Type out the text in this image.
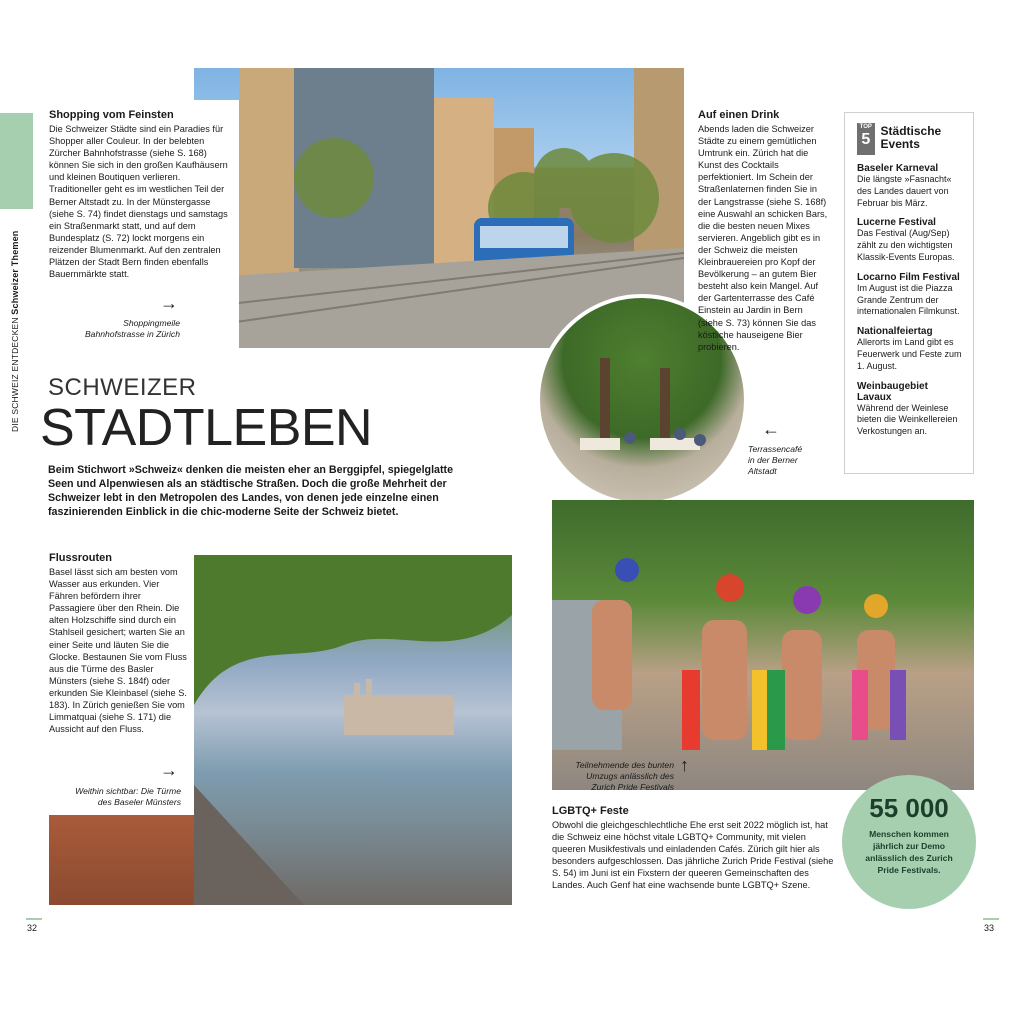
DIE SCHWEIZ ENTDECKEN Schweizer Themen
Shopping vom Feinsten
Die Schweizer Städte sind ein Paradies für Shopper aller Couleur. In der belebten Zürcher Bahnhofstrasse (siehe S. 168) können Sie sich in den großen Kaufhäusern und kleinen Boutiquen verlieren. Traditioneller geht es im westlichen Teil der Berner Altstadt zu. In der Münstergasse (siehe S. 74) findet dienstags und samstags ein Straßenmarkt statt, und auf dem Bundesplatz (S. 72) lockt morgens ein reizender Blumenmarkt. Auf den zentralen Plätzen der Stadt Bern finden ebenfalls Bauernmärkte statt.
→
Shoppingmeile
Bahnhofstrasse in Zürich
SCHWEIZER
STADTLEBEN
Beim Stichwort »Schweiz« denken die meisten eher an Berggipfel, spiegelglatte Seen und Alpenwiesen als an städtische Straßen. Doch die große Mehrheit der Schweizer lebt in den Metropolen des Landes, von denen jede einzelne einen faszinierenden Einblick in die chic-moderne Seite der Schweiz bietet.
Auf einen Drink
Abends laden die Schweizer Städte zu einem gemütlichen Umtrunk ein. Zürich hat die Kunst des Cocktails perfektioniert. Im Schein der Straßenlaternen finden Sie in der Langstrasse (siehe S. 168f) eine Auswahl an schicken Bars, die die besten neuen Mixes servieren. Angeblich gibt es in der Schweiz die meisten Kleinbrauereien pro Kopf der Bevölkerung – an gutem Bier besteht also kein Mangel. Auf der Gartenterrasse des Café Einstein au Jardin in Bern (siehe S. 73) können Sie das köstliche hauseigene Bier probieren.
←
Terrassencafé
in der Berner
Altstadt
TOP
5 Städtische Events
Baseler Karneval
Die längste »Fasnacht« des Landes dauert von Februar bis März.
Lucerne Festival
Das Festival (Aug/Sep) zählt zu den wichtigsten Klassik-Events Europas.
Locarno Film Festival
Im August ist die Piazza Grande Zentrum der internationalen Filmkunst.
Nationalfeiertag
Allerorts im Land gibt es Feuerwerk und Feste zum 1. August.
Weinbaugebiet Lavaux
Während der Weinlese bieten die Weinkellereien Verkostungen an.
Flussrouten
Basel lässt sich am besten vom Wasser aus erkunden. Vier Fähren befördern ihrer Passagiere über den Rhein. Die alten Holzschiffe sind durch ein Stahlseil gesichert; warten Sie an einer Seite und läuten Sie die Glocke. Bestaunen Sie vom Fluss aus die Türme des Basler Münsters (siehe S. 184f) oder erkunden Sie Kleinbasel (siehe S. 183). In Zürich genießen Sie vom Limmatquai (siehe S. 171) die Aussicht auf den Fluss.
→
Weithin sichtbar: Die Türme
des Baseler Münsters
Teilnehmende des bunten
Umzugs anlässlich des
Zurich Pride Festivals
↑
LGBTQ+ Feste
Obwohl die gleichgeschlechtliche Ehe erst seit 2022 möglich ist, hat die Schweiz eine höchst vitale LGBTQ+ Community, mit vielen queeren Musikfestivals und einladenden Cafés. Zürich gilt hier als besonders aufgeschlossen. Das jährliche Zurich Pride Festival (siehe S. 54) im Juni ist ein Fixstern der queeren Gemeinschaften des Landes. Auch Genf hat eine wachsende bunte LGBTQ+ Szene.
55 000
Menschen kommen jährlich zur Demo anlässlich des Zurich Pride Festivals.
32	33
